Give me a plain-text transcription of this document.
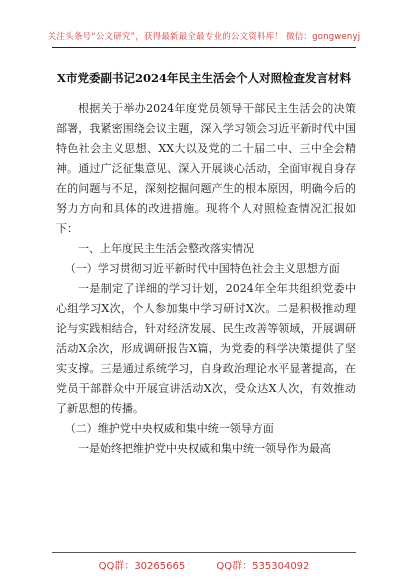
关注头条号“公文研究”，获得最新最全最专业的公文资料库！ 微信：gongwenyj
X市党委副书记2024年民主生活会个人对照检查发言材料

根据关于举办2024年度党员领导干部民主生活会的决策部署，我紧密围绕会议主题，深入学习领会习近平新时代中国特色社会主义思想、XX大以及党的二十届二中、三中全会精神。通过广泛征集意见、深入开展谈心活动，全面审视自身存在的问题与不足，深刻挖掘问题产生的根本原因，明确今后的努力方向和具体的改进措施。现将个人对照检查情况汇报如下：

一、上年度民主生活会整改落实情况

（一）学习贯彻习近平新时代中国特色社会主义思想方面

一是制定了详细的学习计划，2024年全年共组织党委中心组学习X次，个人参加集中学习研讨X次。二是积极推动理论与实践相结合，针对经济发展、民生改善等领域，开展调研活动X余次，形成调研报告X篇，为党委的科学决策提供了坚实支撑。三是通过系统学习，自身政治理论水平显著提高，在党员干部群众中开展宣讲活动X次，受众达X人次，有效推动了新思想的传播。

（二）维护党中央权威和集中统一领导方面

一是始终把维护党中央权威和集中统一领导作为最高

QQ群：30265665	QQ群：535304092
